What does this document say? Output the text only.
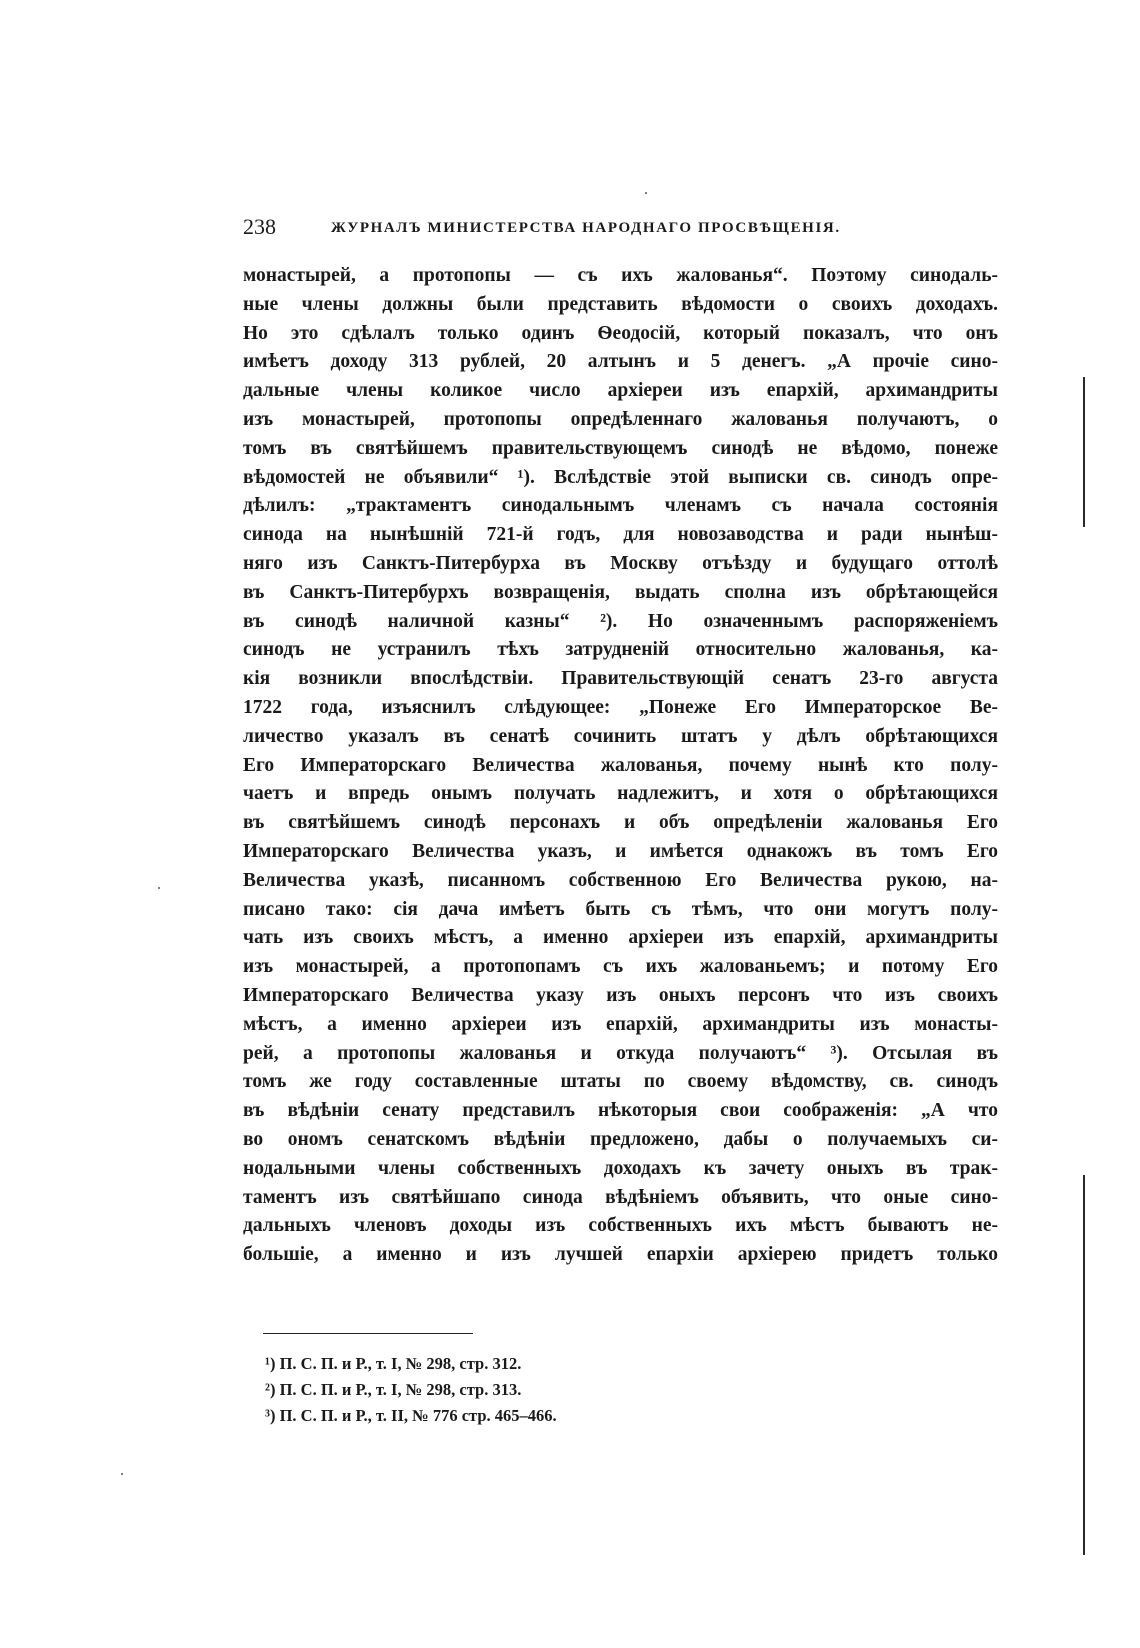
238	ЖУРНАЛЪ МИНИСТЕРСТВА НАРОДНАГО ПРОСВѢЩЕНІЯ.
монастырей, а протопопы — съ ихъ жалованья“. Поэтому синодаль-
ные члены должны были представить вѣдомости о своихъ доходахъ.
Но это сдѣлалъ только одинъ Ѳеодосій, который показалъ, что онъ
имѣетъ доходу 313 рублей, 20 алтынъ и 5 денегъ. „А прочіе сино-
дальные члены коликое число архіереи изъ епархій, архимандриты
изъ монастырей, протопопы опредѣленнаго жалованья получаютъ, о
томъ въ святѣйшемъ правительствующемъ синодѣ не вѣдомо, понеже
вѣдомостей не объявили“ ¹). Вслѣдствіе этой выписки св. синодъ опре-
дѣлилъ: „трактаментъ синодальнымъ членамъ съ начала состоянія
синода на нынѣшній 721-й годъ, для новозаводства и ради нынѣш-
няго изъ Санктъ-Питербурха въ Москву отъѣзду и будущаго оттолѣ
въ Санктъ-Питербурхъ возвращенія, выдать сполна изъ обрѣтающейся
въ синодѣ наличной казны“ ²). Но означеннымъ распоряженіемъ
синодъ не устранилъ тѣхъ затрудненій относительно жалованья, ка-
кія возникли впослѣдствіи. Правительствующій сенатъ 23-го августа
1722 года, изъяснилъ слѣдующее: „Понеже Его Императорское Ве-
личество указалъ въ сенатѣ сочинить штатъ у дѣлъ обрѣтающихся
Его Императорскаго Величества жалованья, почему нынѣ кто полу-
чаетъ и впредь онымъ получать надлежитъ, и хотя о обрѣтающихся
въ святѣйшемъ синодѣ персонахъ и объ опредѣленіи жалованья Его
Императорскаго Величества указъ, и имѣется однакожъ въ томъ Его
Величества указѣ, писанномъ собственною Его Величества рукою, на-
писано тако: сія дача имѣетъ быть съ тѣмъ, что они могутъ полу-
чать изъ своихъ мѣстъ, а именно архіереи изъ епархій, архимандриты
изъ монастырей, а протопопамъ съ ихъ жалованьемъ; и потому Его
Императорскаго Величества указу изъ оныхъ персонъ что изъ своихъ
мѣстъ, а именно архіереи изъ епархій, архимандриты изъ монасты-
рей, а протопопы жалованья и откуда получаютъ“ ³). Отсылая въ
томъ же году составленные штаты по своему вѣдомству, св. синодъ
въ вѣдѣніи сенату представилъ нѣкоторыя свои соображенія: „А что
во ономъ сенатскомъ вѣдѣніи предложено, дабы о получаемыхъ си-
нодальными члены собственныхъ доходахъ къ зачету оныхъ въ трак-
таментъ изъ святѣйшапо синода вѣдѣніемъ объявить, что оные сино-
дальныхъ членовъ доходы изъ собственныхъ ихъ мѣстъ бываютъ не-
большіе, а именно и изъ лучшей епархіи архіерею придетъ только
¹) П. С. П. и Р., т. I, № 298, стр. 312.
²) П. С. П. и Р., т. I, № 298, стр. 313.
³) П. С. П. и Р., т. II, № 776 стр. 465–466.
